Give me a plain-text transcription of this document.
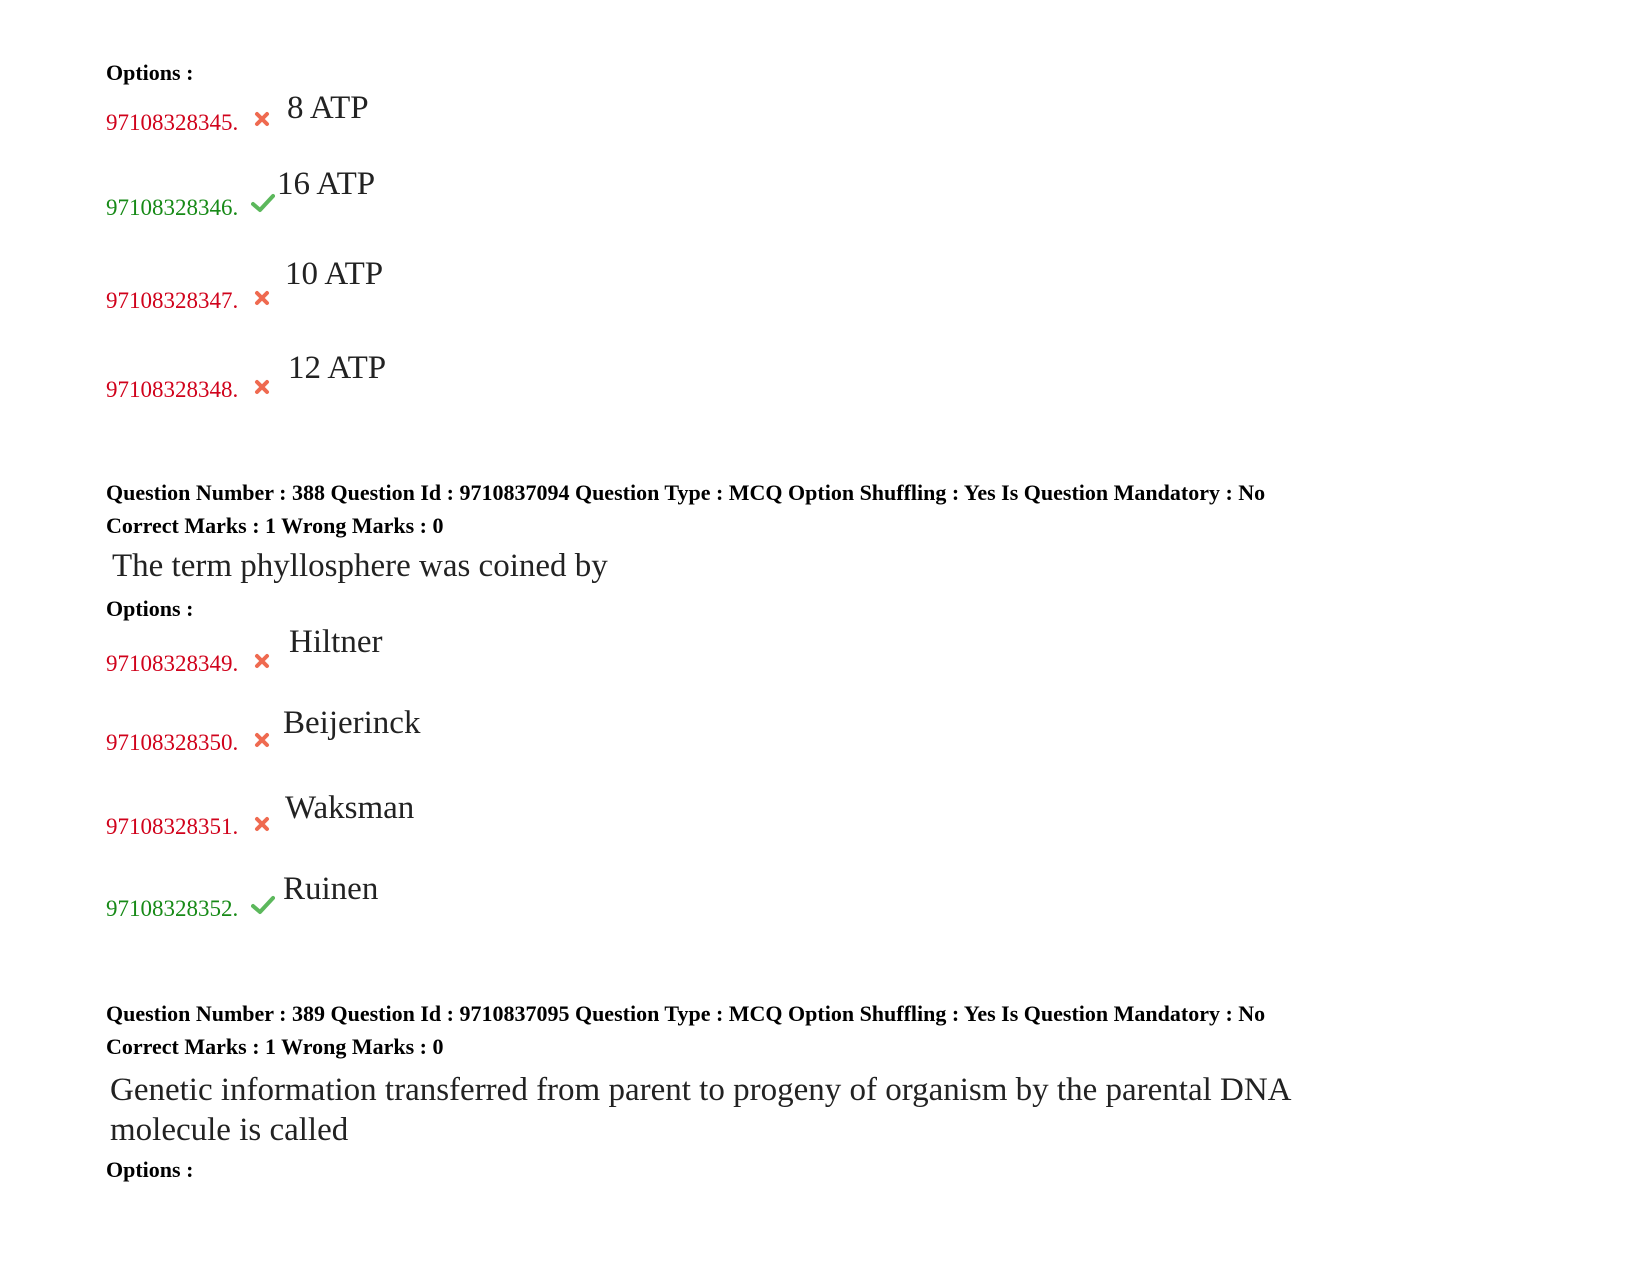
Options :
97108328345. 8 ATP
97108328346.
16 ATP
97108328347.
10 ATP
97108328348.
12 ATP
Question Number : 388 Question Id : 9710837094 Question Type : MCQ Option Shuffling : Yes Is Question Mandatory : No
Correct Marks : 1 Wrong Marks : 0
The term phyllosphere was coined by
Options :
97108328349.
Hiltner
97108328350.
Beijerinck
97108328351.
Waksman
97108328352.
Ruinen
Question Number : 389 Question Id : 9710837095 Question Type : MCQ Option Shuffling : Yes Is Question Mandatory : No
Correct Marks : 1 Wrong Marks : 0
Genetic information transferred from parent to progeny of organism by the parental DNA molecule is called
Options :
